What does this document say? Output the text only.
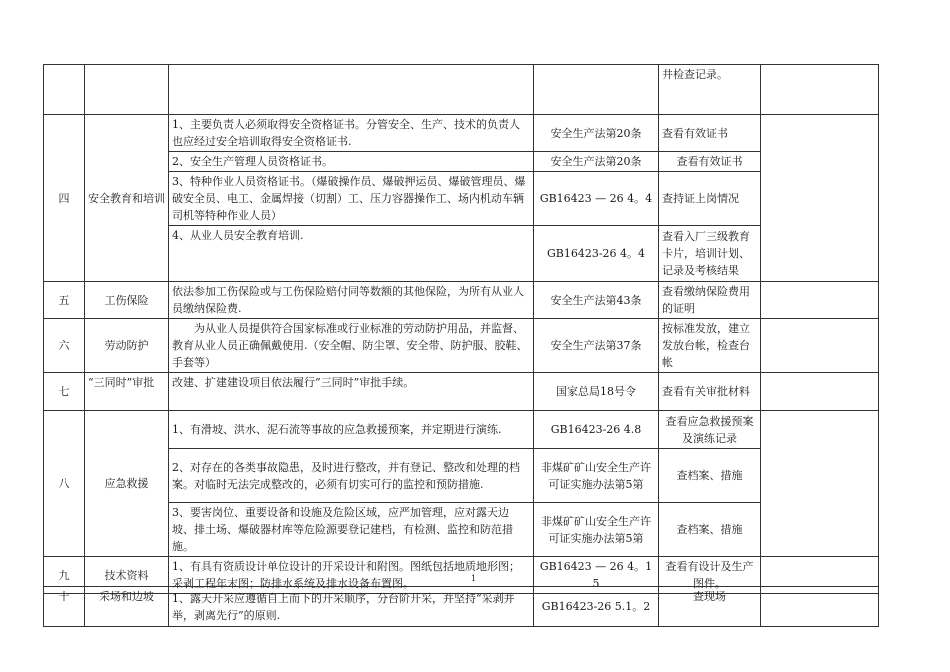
				井检查记录。	
四	安全教育和培训	1、主要负责人必须取得安全资格证书。分管安全、生产、技术的负责人也应经过安全培训取得安全资格证书.	安全生产法第20条	查看有效证书	
		2、安全生产管理人员资格证书。	安全生产法第20条	查看有效证书	
		3、特种作业人员资格证书。（爆破操作员、爆破押运员、爆破管理员、爆破安全员、电工、金属焊接（切割）工、压力容器操作工、场内机动车辆司机等特种作业人员）	GB16423 — 26 4。4	查持证上岗情况	
		4、从业人员安全教育培训.	GB16423-26 4。4	查看入厂三级教育卡片，培训计划、记录及考核结果	
五	工伤保险	依法参加工伤保险或与工伤保险赔付同等数额的其他保险，为所有从业人员缴纳保险费.	安全生产法第43条	查看缴纳保险费用的证明	
六	劳动防护	为从业人员提供符合国家标准或行业标准的劳动防护用品，并监督、教育从业人员正确佩戴使用.（安全帽、防尘罩、安全带、防护服、胶鞋、手套等）	安全生产法第37条	按标准发放，建立发放台帐，检查台帐	
七	“三同时”审批	改建、扩建建设项目依法履行“三同时”审批手续。	国家总局18号令	查看有关审批材料	
八	应急救援	1、有滑坡、洪水、泥石流等事故的应急救援预案，并定期进行演练.	GB16423-26 4.8	查看应急救援预案及演练记录	
		2、对存在的各类事故隐患，及时进行整改，并有登记、整改和处理的档案。对临时无法完成整改的，必须有切实可行的监控和预防措施.	非煤矿矿山安全生产许可证实施办法第5第	查档案、措施	
		3、要害岗位、重要设备和设施及危险区域，应严加管理，应对露天边坡、排土场、爆破器材库等危险源要登记建档，有检测、监控和防范措施。	非煤矿矿山安全生产许可证实施办法第5第	查档案、措施	
九	技术资料	1、有具有资质设计单位设计的开采设计和附图。图纸包括地质地形图；采剥工程年末图；防排水系统及排水设备布置图。	GB16423 — 26 4。15	查看有设计及生产图件。	
1
十	采场和边坡	1、露天开采应遵循自上而下的开采顺序，分台阶开采，并坚持“采剥并举，剥离先行”的原则.	GB16423-26 5.1。2	查现场	
